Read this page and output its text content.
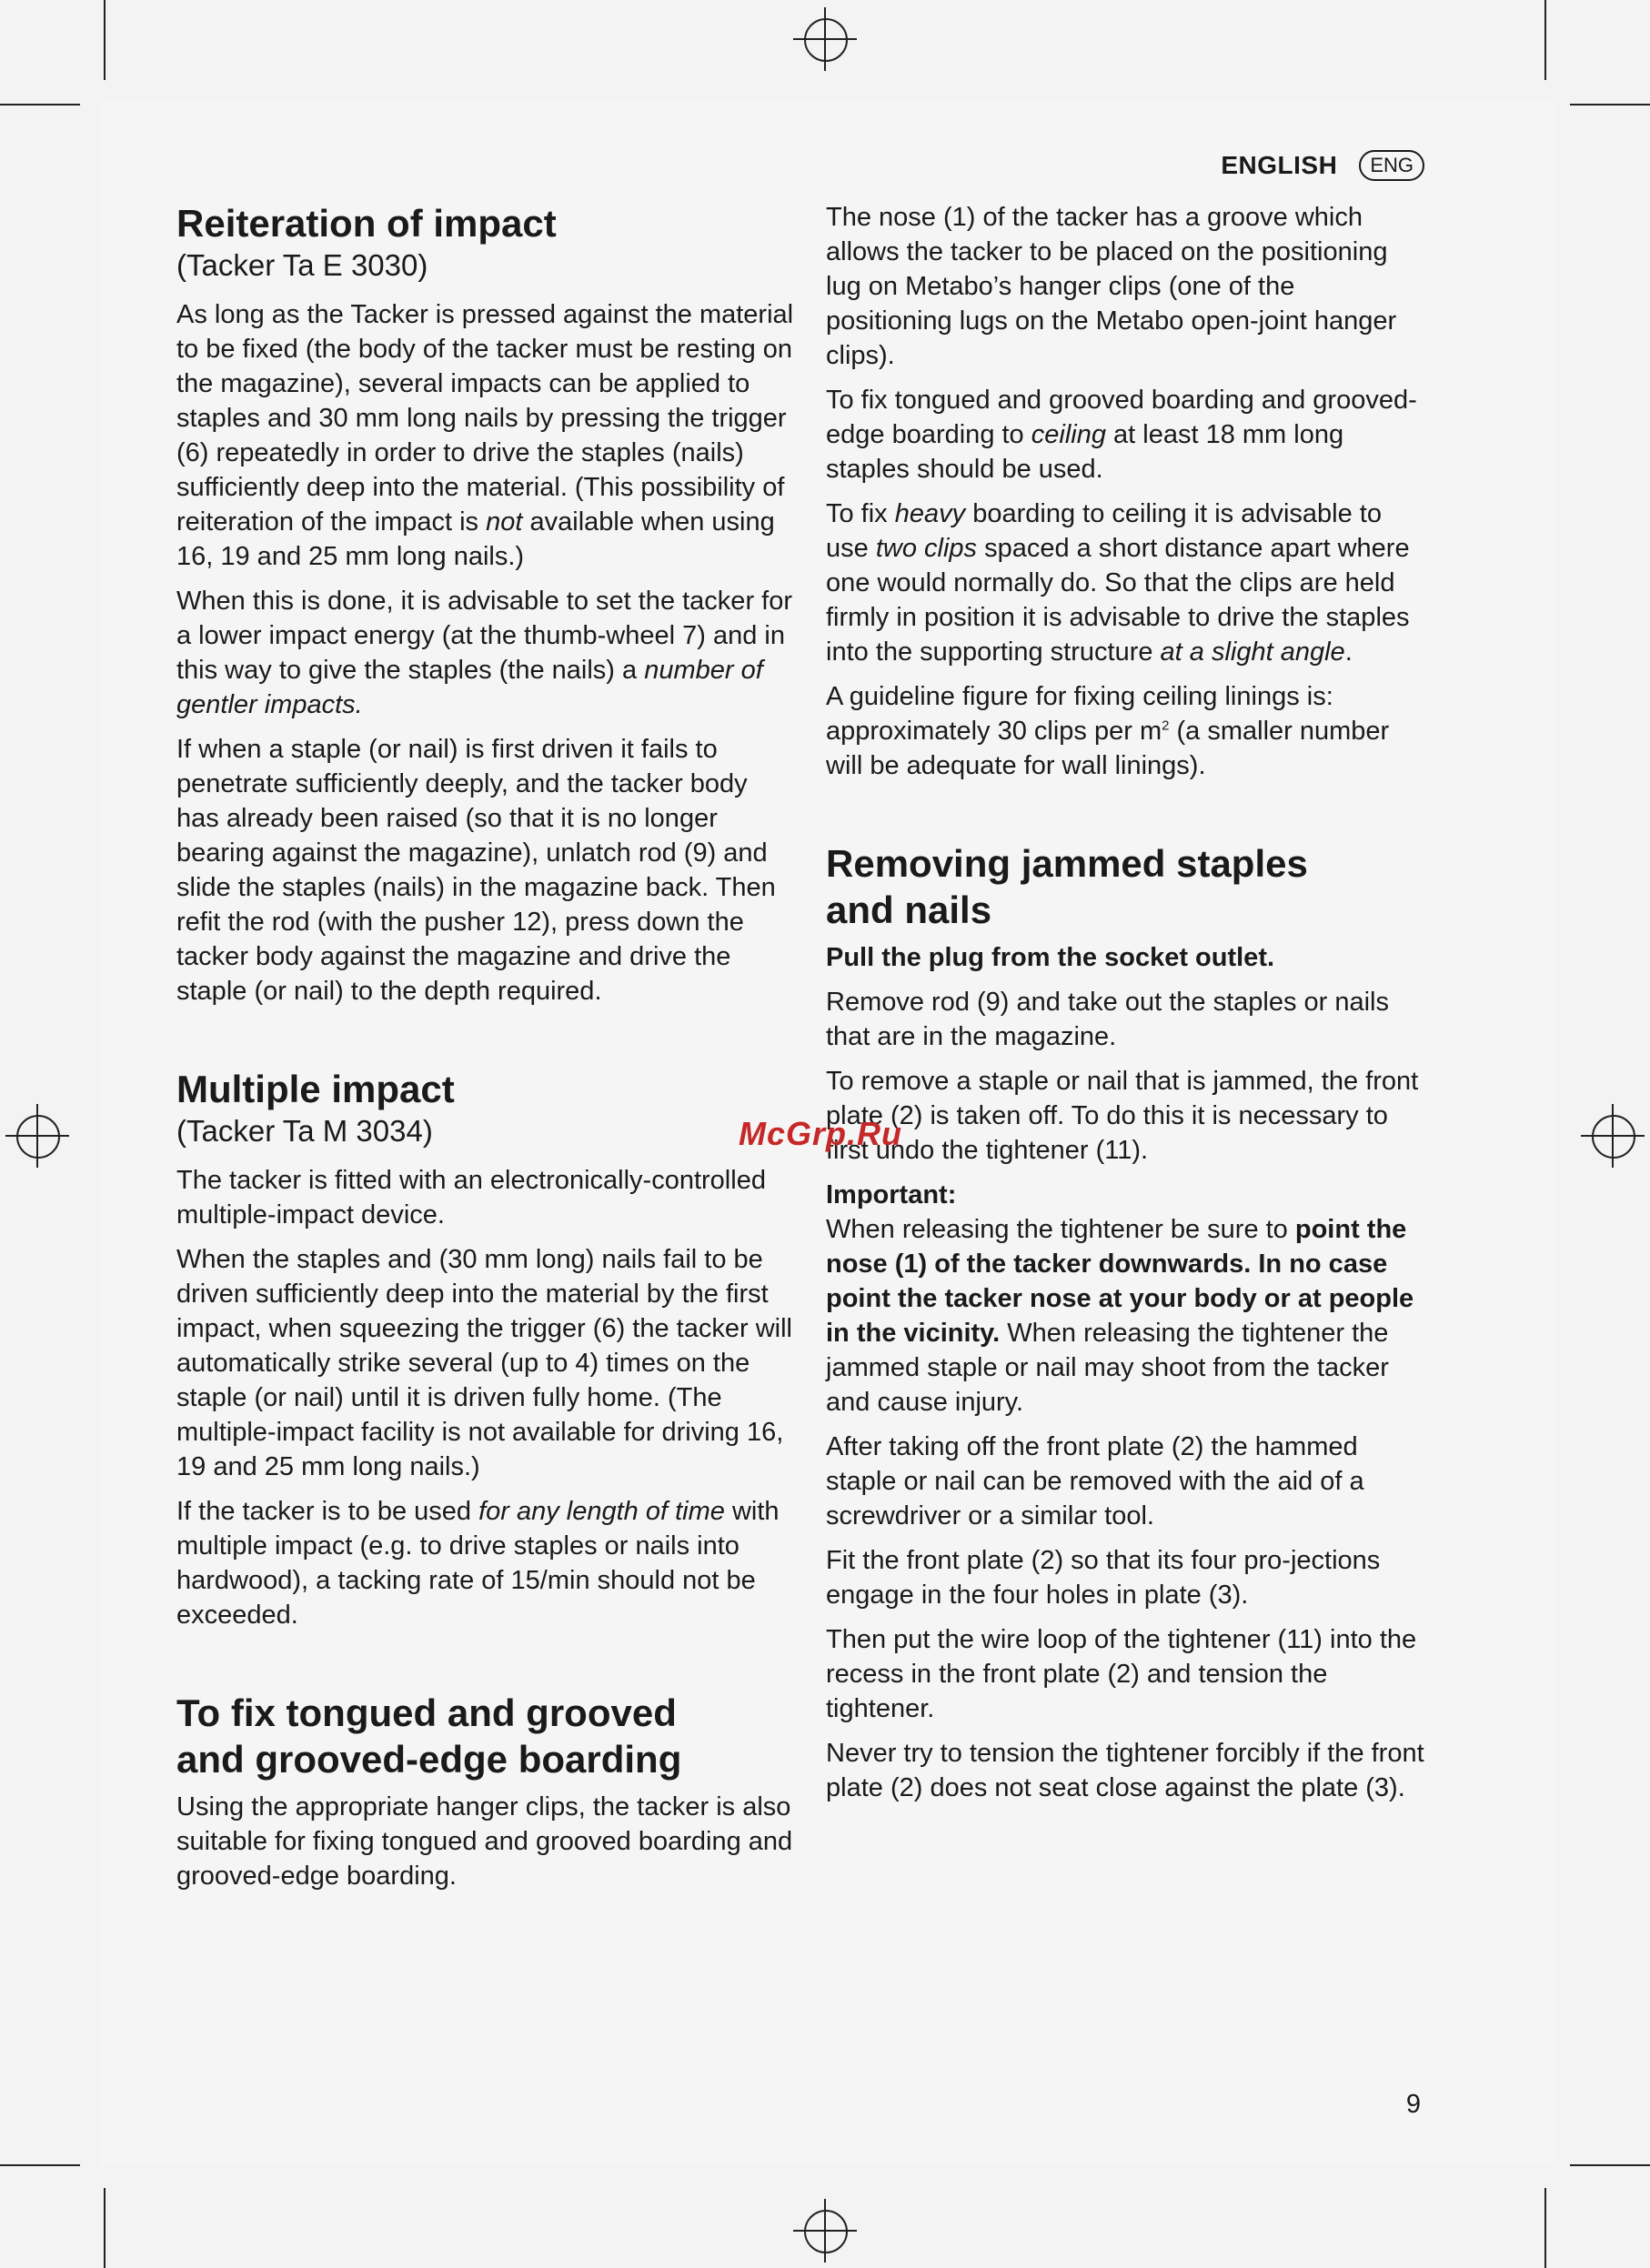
ENGLISH	ENG
Reiteration of impact

(Tacker Ta E 3030)

As long as the Tacker is pressed against the material to be fixed (the body of the tacker must be resting on the magazine), several impacts can be applied to staples and 30 mm long nails by pressing the trigger (6) repeatedly in order to drive the staples (nails) sufficiently deep into the material. (This possibility of reiteration of the impact is not available when using 16, 19 and 25 mm long nails.)

When this is done, it is advisable to set the tacker for a lower impact energy (at the thumb-wheel 7) and in this way to give the staples (the nails) a number of gentler impacts.

If when a staple (or nail) is first driven it fails to penetrate sufficiently deeply, and the tacker body has already been raised (so that it is no longer bearing against the magazine), unlatch rod (9) and slide the staples (nails) in the magazine back. Then refit the rod (with the pusher 12), press down the tacker body against the magazine and drive the staple (or nail) to the depth required.

Multiple impact

(Tacker Ta M 3034)

The tacker is fitted with an electronically-controlled multiple-impact device.

When the staples and (30 mm long) nails fail to be driven sufficiently deep into the material by the first impact, when squeezing the trigger (6) the tacker will automatically strike several (up to 4) times on the staple (or nail) until it is driven fully home. (The multiple-impact facility is not available for driving 16, 19 and 25 mm long nails.)

If the tacker is to be used for any length of time with multiple impact (e.g. to drive staples or nails into hardwood), a tacking rate of 15/min should not be exceeded.

To fix tongued and grooved
and grooved-edge boarding

Using the appropriate hanger clips, the tacker is also suitable for fixing tongued and grooved boarding and grooved-edge boarding.

The nose (1) of the tacker has a groove which allows the tacker to be placed on the positioning lug on Metabo’s hanger clips (one of the positioning lugs on the Metabo open-joint hanger clips).

To fix tongued and grooved boarding and grooved-edge boarding to ceiling at least 18 mm long staples should be used.

To fix heavy boarding to ceiling it is advisable to use two clips spaced a short distance apart where one would normally do. So that the clips are held firmly in position it is advisable to drive the staples into the supporting structure at a slight angle.

A guideline figure for fixing ceiling linings is: approximately 30 clips per $m^2$ (a smaller number will be adequate for wall linings).

Removing jammed staples
and nails

Pull the plug from the socket outlet.

Remove rod (9) and take out the staples or nails that are in the magazine.

To remove a staple or nail that is jammed, the front plate (2) is taken off. To do this it is necessary to first undo the tightener (11).

Important:
When releasing the tightener be sure to point the nose (1) of the tacker downwards. In no case point the tacker nose at your body or at people in the vicinity. When releasing the tightener the jammed staple or nail may shoot from the tacker and cause injury.

After taking off the front plate (2) the hammed staple or nail can be removed with the aid of a screwdriver or a similar tool.

Fit the front plate (2) so that its four pro-jections engage in the four holes in plate (3).

Then put the wire loop of the tightener (11) into the recess in the front plate (2) and tension the tightener.

Never try to tension the tightener forcibly if the front plate (2) does not seat close against the plate (3).

McGrp.Ru
9
